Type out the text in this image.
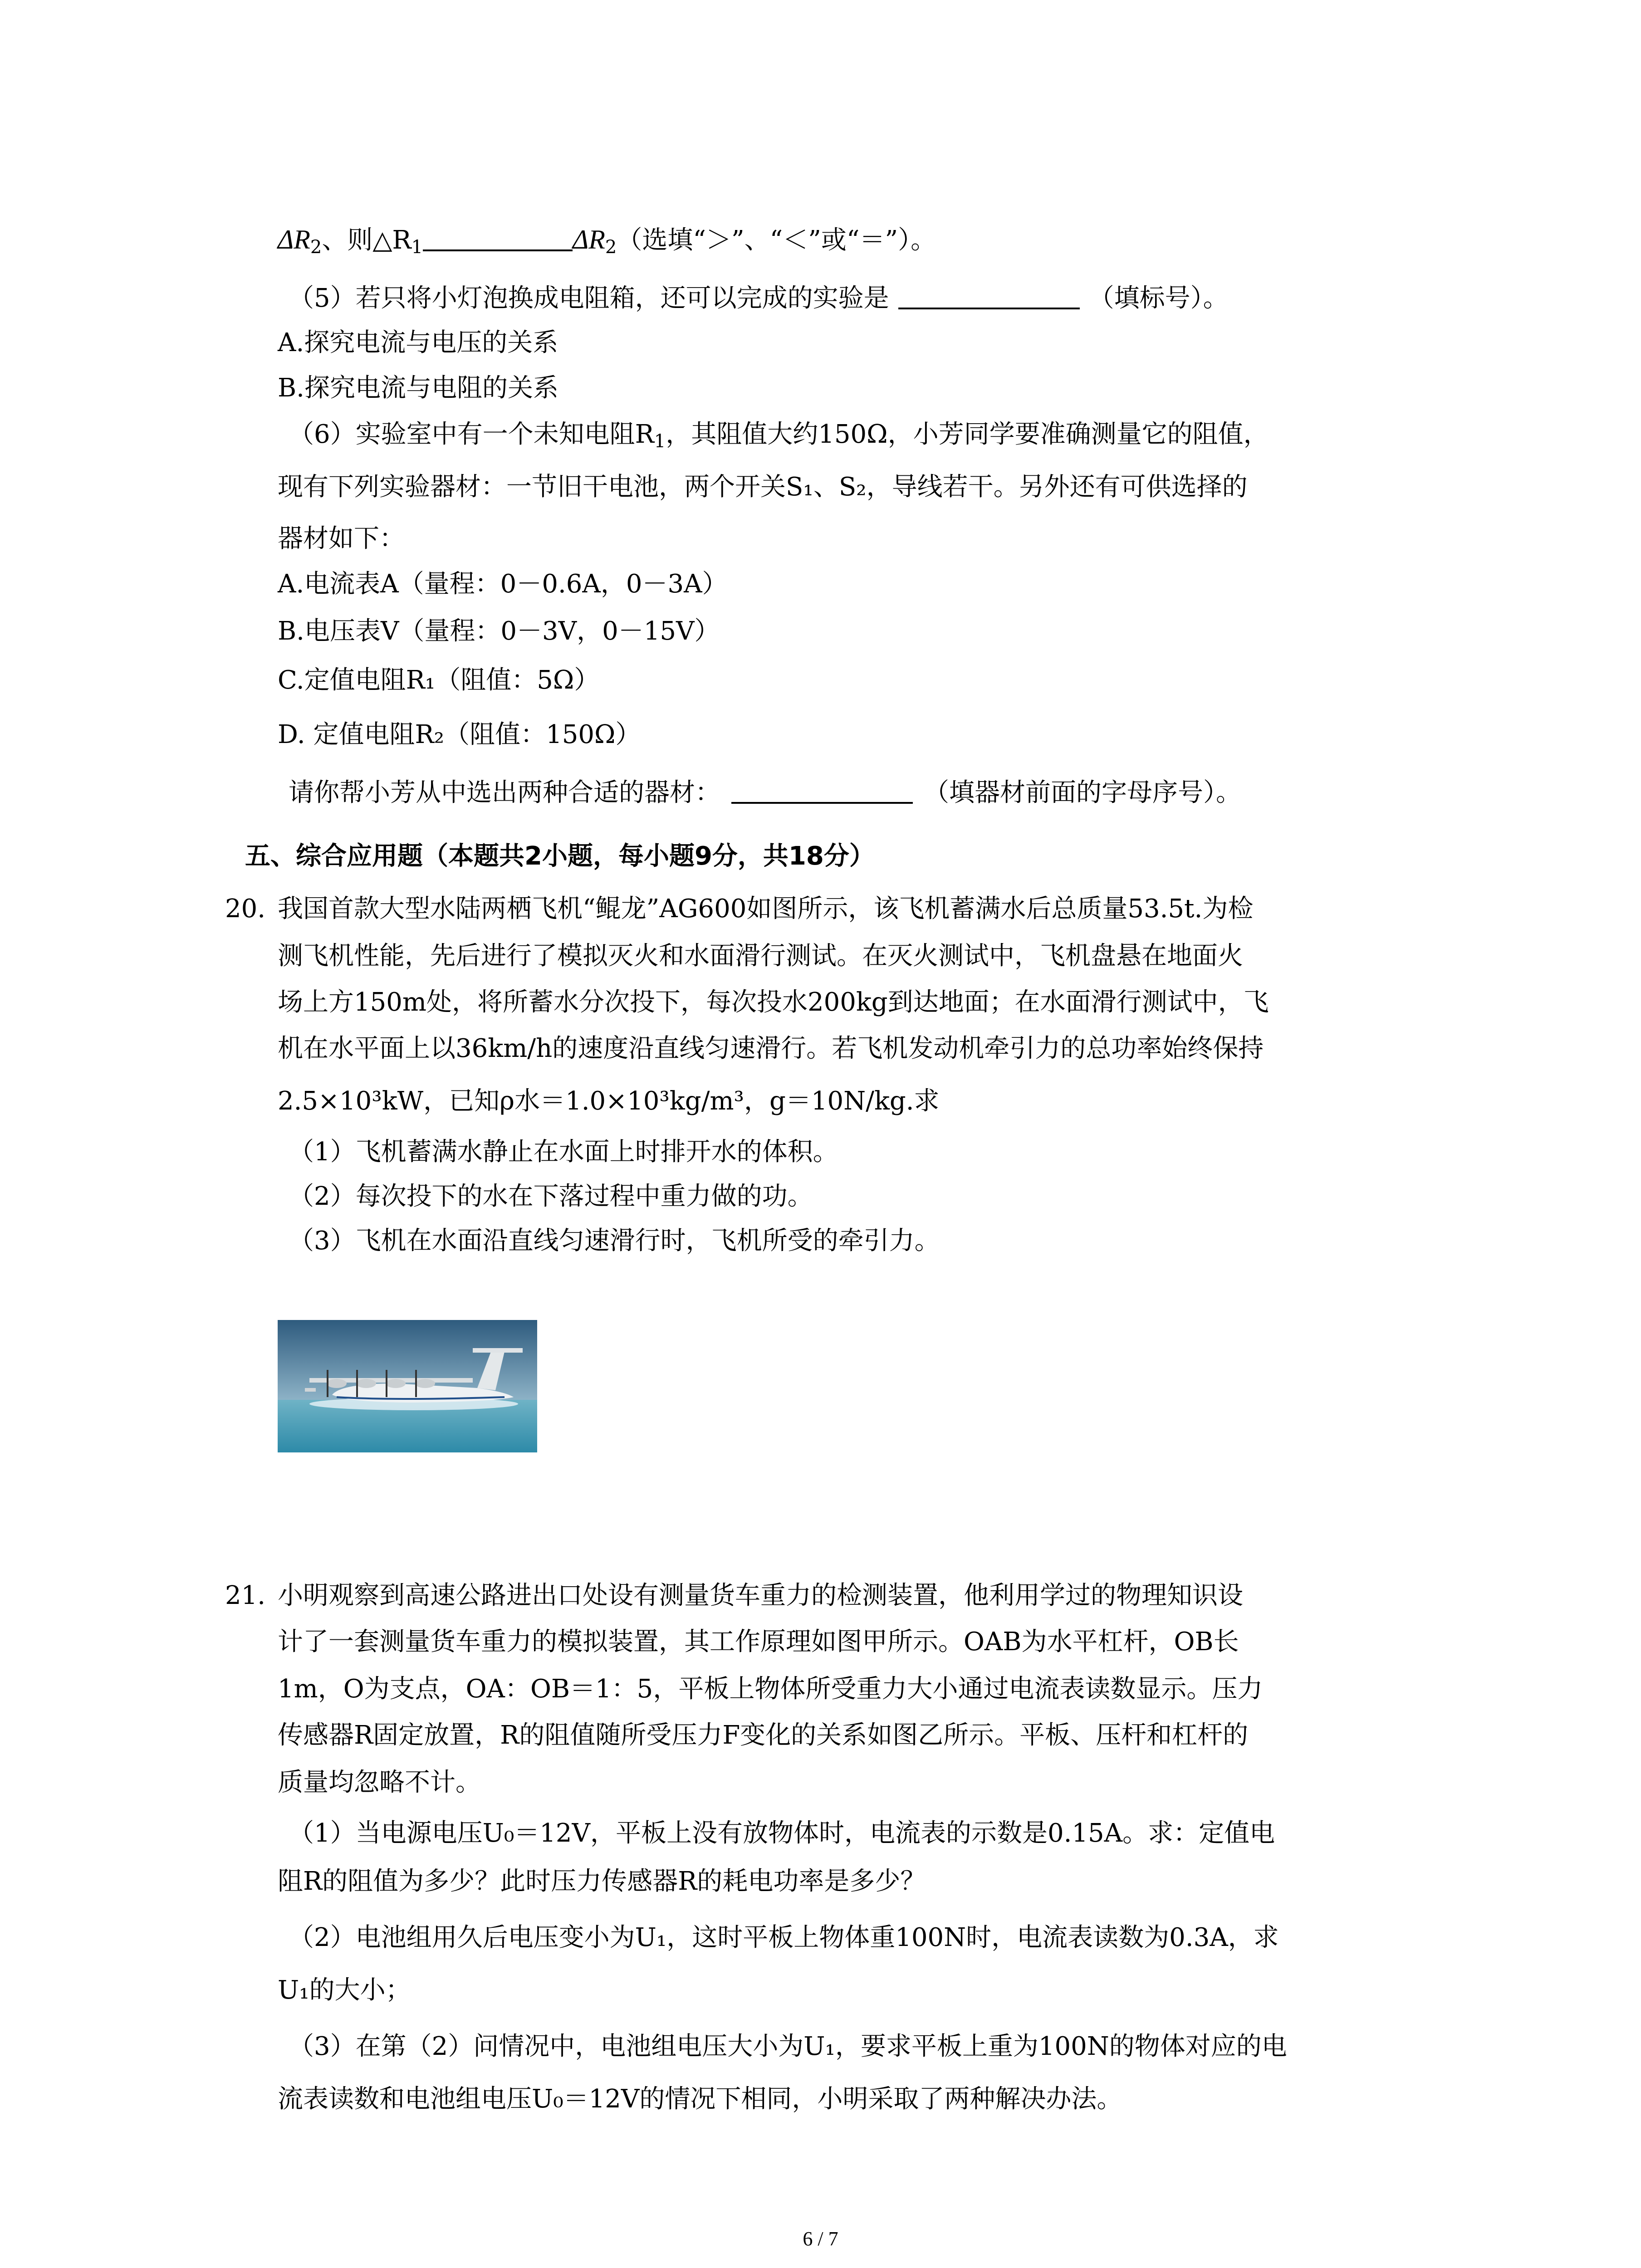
$\Delta R_2$、则$\triangle R_1$	$\Delta R_2$（选填“＞”、“＜”或“＝”）。
（5）若只将小灯泡换成电阻箱，还可以完成的实验是	（填标号）。
A.探究电流与电压的关系
B.探究电流与电阻的关系
（6）实验室中有一个未知电阻$R_1$，其阻值大约150Ω，小芳同学要准确测量它的阻值，
现有下列实验器材：一节旧干电池，两个开关S₁、S₂，导线若干。另外还有可供选择的
器材如下：
A.电流表A（量程：0－0.6A，0－3A）
B.电压表V（量程：0－3V，0－15V）
C.定值电阻R₁（阻值：5Ω）
D. 定值电阻R₂（阻值：150Ω）
请你帮小芳从中选出两种合适的器材：	（填器材前面的字母序号）。
五、综合应用题（本题共2小题，每小题9分，共18分）
20. 我国首款大型水陆两栖飞机“鲲龙”AG600如图所示，该飞机蓄满水后总质量53.5t.为检
测飞机性能，先后进行了模拟灭火和水面滑行测试。在灭火测试中，飞机盘悬在地面火
场上方150m处，将所蓄水分次投下，每次投水200kg到达地面；在水面滑行测试中，飞
机在水平面上以36km/h的速度沿直线匀速滑行。若飞机发动机牵引力的总功率始终保持
2.5×10³kW，已知ρ水＝1.0×10³kg/m³，g＝10N/kg.求
（1）飞机蓄满水静止在水面上时排开水的体积。
（2）每次投下的水在下落过程中重力做的功。
（3）飞机在水面沿直线匀速滑行时，飞机所受的牵引力。
21. 小明观察到高速公路进出口处设有测量货车重力的检测装置，他利用学过的物理知识设
计了一套测量货车重力的模拟装置，其工作原理如图甲所示。OAB为水平杠杆，OB长
1m，O为支点，OA：OB＝1：5，平板上物体所受重力大小通过电流表读数显示。压力
传感器R固定放置，R的阻值随所受压力F变化的关系如图乙所示。平板、压杆和杠杆的
质量均忽略不计。
（1）当电源电压U₀＝12V，平板上没有放物体时，电流表的示数是0.15A。求：定值电
阻R的阻值为多少？此时压力传感器R的耗电功率是多少？
（2）电池组用久后电压变小为U₁，这时平板上物体重100N时，电流表读数为0.3A，求
U₁的大小；
（3）在第（2）问情况中，电池组电压大小为U₁，要求平板上重为100N的物体对应的电
流表读数和电池组电压U₀＝12V的情况下相同，小明采取了两种解决办法。
6 / 7
